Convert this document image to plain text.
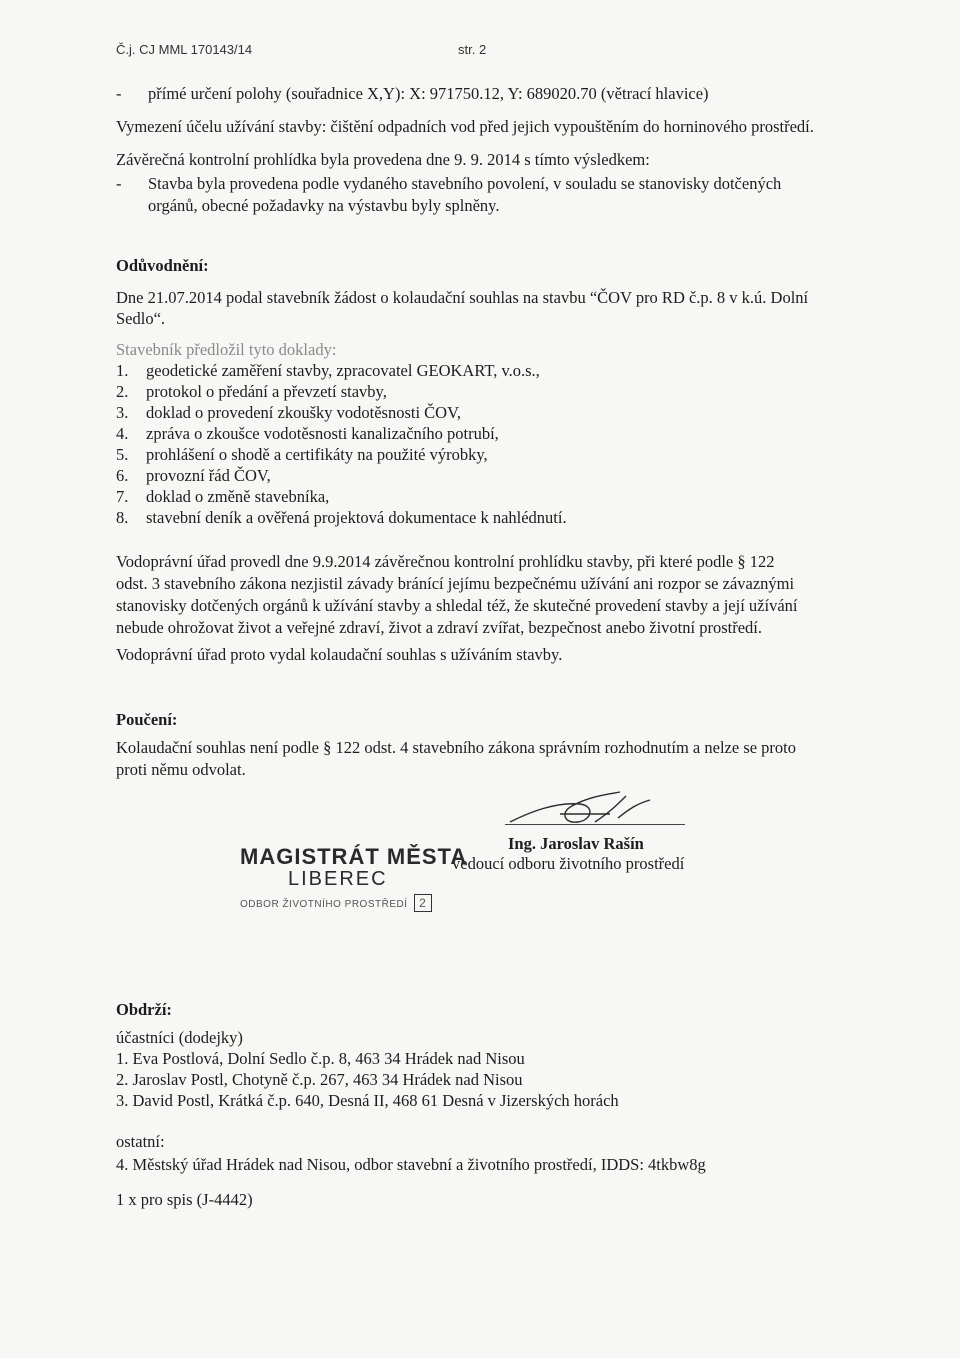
Č.j. CJ MML 170143/14	str. 2
- přímé určení polohy (souřadnice X,Y): X: 971750.12, Y: 689020.70 (větrací hlavice)
Vymezení účelu užívání stavby: čištění odpadních vod před jejich vypouštěním do horninového prostředí.
Závěrečná kontrolní prohlídka byla provedena dne 9. 9. 2014 s tímto výsledkem:
- Stavba byla provedena podle vydaného stavebního povolení, v souladu se stanovisky dotčených
orgánů, obecné požadavky na výstavbu byly splněny.
Odůvodnění:
Dne 21.07.2014 podal stavebník žádost o kolaudační souhlas na stavbu “ČOV pro RD č.p. 8 v k.ú. Dolní
Sedlo“.
Stavebník předložil tyto doklady:
1. geodetické zaměření stavby, zpracovatel GEOKART, v.o.s.,
2. protokol o předání a převzetí stavby,
3. doklad o provedení zkoušky vodotěsnosti ČOV,
4. zpráva o zkoušce vodotěsnosti kanalizačního potrubí,
5. prohlášení o shodě a certifikáty na použité výrobky,
6. provozní řád ČOV,
7. doklad o změně stavebníka,
8. stavební deník a ověřená projektová dokumentace k nahlédnutí.
Vodoprávní úřad provedl dne 9.9.2014 závěrečnou kontrolní prohlídku stavby, při které podle § 122
odst. 3 stavebního zákona nezjistil závady bránící jejímu bezpečnému užívání ani rozpor se závaznými
stanovisky dotčených orgánů k užívání stavby a shledal též, že skutečné provedení stavby a její užívání
nebude ohrožovat život a veřejné zdraví, život a zdraví zvířat, bezpečnost anebo životní prostředí.
Vodoprávní úřad proto vydal kolaudační souhlas s užíváním stavby.
Poučení:
Kolaudační souhlas není podle § 122 odst. 4 stavebního zákona správním rozhodnutím a nelze se proto
proti němu odvolat.
Ing. Jaroslav Rašín
vedoucí odboru životního prostředí
MAGISTRÁT MĚSTA
LIBEREC
ODBOR ŽIVOTNÍHO PROSTŘEDÍ 2
Obdrží:
účastníci (dodejky)
1. Eva Postlová, Dolní Sedlo č.p. 8, 463 34 Hrádek nad Nisou
2. Jaroslav Postl, Chotyně č.p. 267, 463 34 Hrádek nad Nisou
3. David Postl, Krátká č.p. 640, Desná II, 468 61 Desná v Jizerských horách
ostatní:
4. Městský úřad Hrádek nad Nisou, odbor stavební a životního prostředí, IDDS: 4tkbw8g
1 x pro spis (J-4442)
